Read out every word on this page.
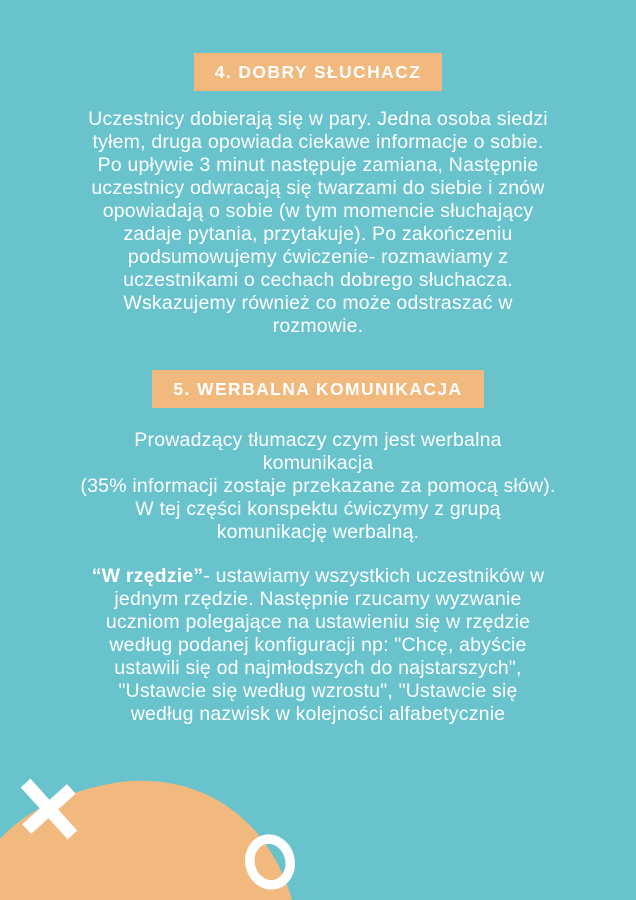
4. DOBRY SŁUCHACZ
Uczestnicy dobierają się w pary. Jedna osoba siedzi
tyłem, druga opowiada ciekawe informacje o sobie.
Po upływie 3 minut następuje zamiana, Następnie
uczestnicy odwracają się twarzami do siebie i znów
opowiadają o sobie (w tym momencie słuchający
zadaje pytania, przytakuje). Po zakończeniu
podsumowujemy ćwiczenie- rozmawiamy z
uczestnikami o cechach dobrego słuchacza.
Wskazujemy również co może odstraszać w
rozmowie.
5. WERBALNA KOMUNIKACJA
Prowadzący tłumaczy czym jest werbalna
komunikacja
(35% informacji zostaje przekazane za pomocą słów).
W tej części konspektu ćwiczymy z grupą
komunikację werbalną.
“W rzędzie”- ustawiamy wszystkich uczestników w
jednym rzędzie. Następnie rzucamy wyzwanie
uczniom polegające na ustawieniu się w rzędzie
według podanej konfiguracji np: "Chcę, abyście
ustawili się od najmłodszych do najstarszych",
"Ustawcie się według wzrostu", "Ustawcie się
według nazwisk w kolejności alfabetycznie
